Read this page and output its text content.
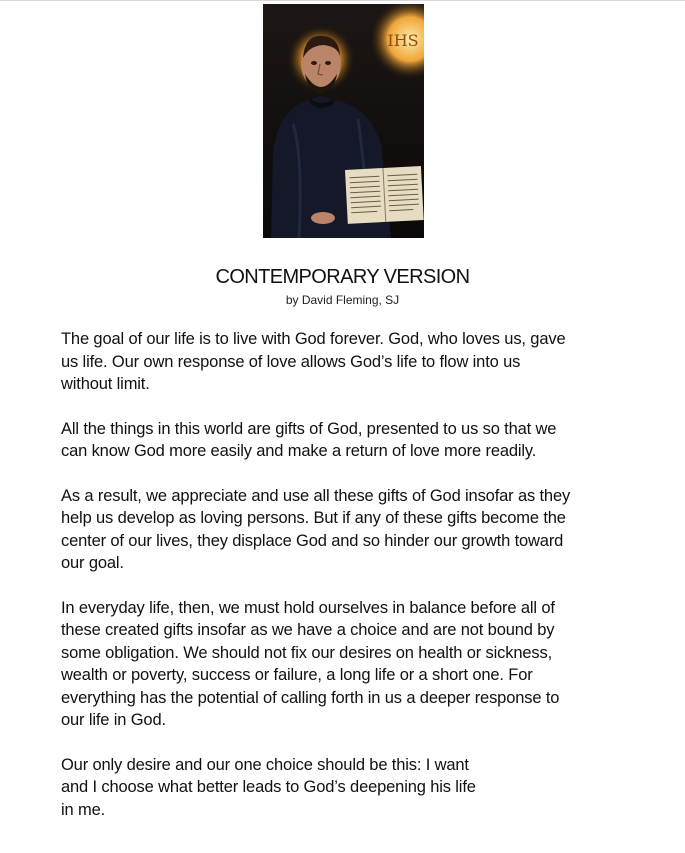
IHS
CONTEMPORARY VERSION
by David Fleming, SJ

The goal of our life is to live with God forever. God, who loves us, gave
us life. Our own response of love allows God’s life to flow into us
without limit.

All the things in this world are gifts of God, presented to us so that we
can know God more easily and make a return of love more readily.

As a result, we appreciate and use all these gifts of God insofar as they
help us develop as loving persons. But if any of these gifts become the
center of our lives, they displace God and so hinder our growth toward
our goal.

In everyday life, then, we must hold ourselves in balance before all of
these created gifts insofar as we have a choice and are not bound by
some obligation. We should not fix our desires on health or sickness,
wealth or poverty, success or failure, a long life or a short one. For
everything has the potential of calling forth in us a deeper response to
our life in God.

Our only desire and our one choice should be this: I want
and I choose what better leads to God’s deepening his life
in me.
